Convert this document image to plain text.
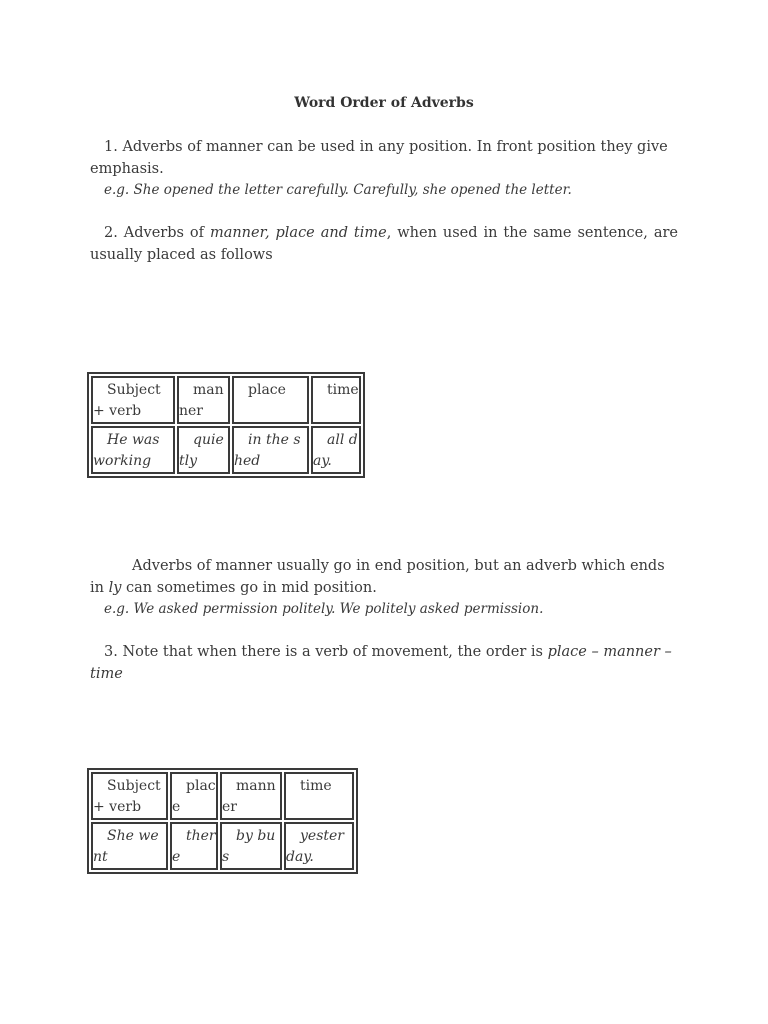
Word Order of Adverbs
1. Adverbs of manner can be used in any position. In front position they give emphasis.
e.g. She opened the letter carefully. Carefully, she opened the letter.
2. Adverbs of manner, place and time, when used in the same sentence, are usually placed as follows
Subject + verb	manner	place	time

He was working	quietly	in the shed	all day.
Adverbs of manner usually go in end position, but an adverb which ends in ly can sometimes go in mid position.
e.g. We asked permission politely. We politely asked permission.
3. Note that when there is a verb of movement, the order is place – manner – time
Subject + verb	place	manner	time

She went	there	by bus	yesterday.
